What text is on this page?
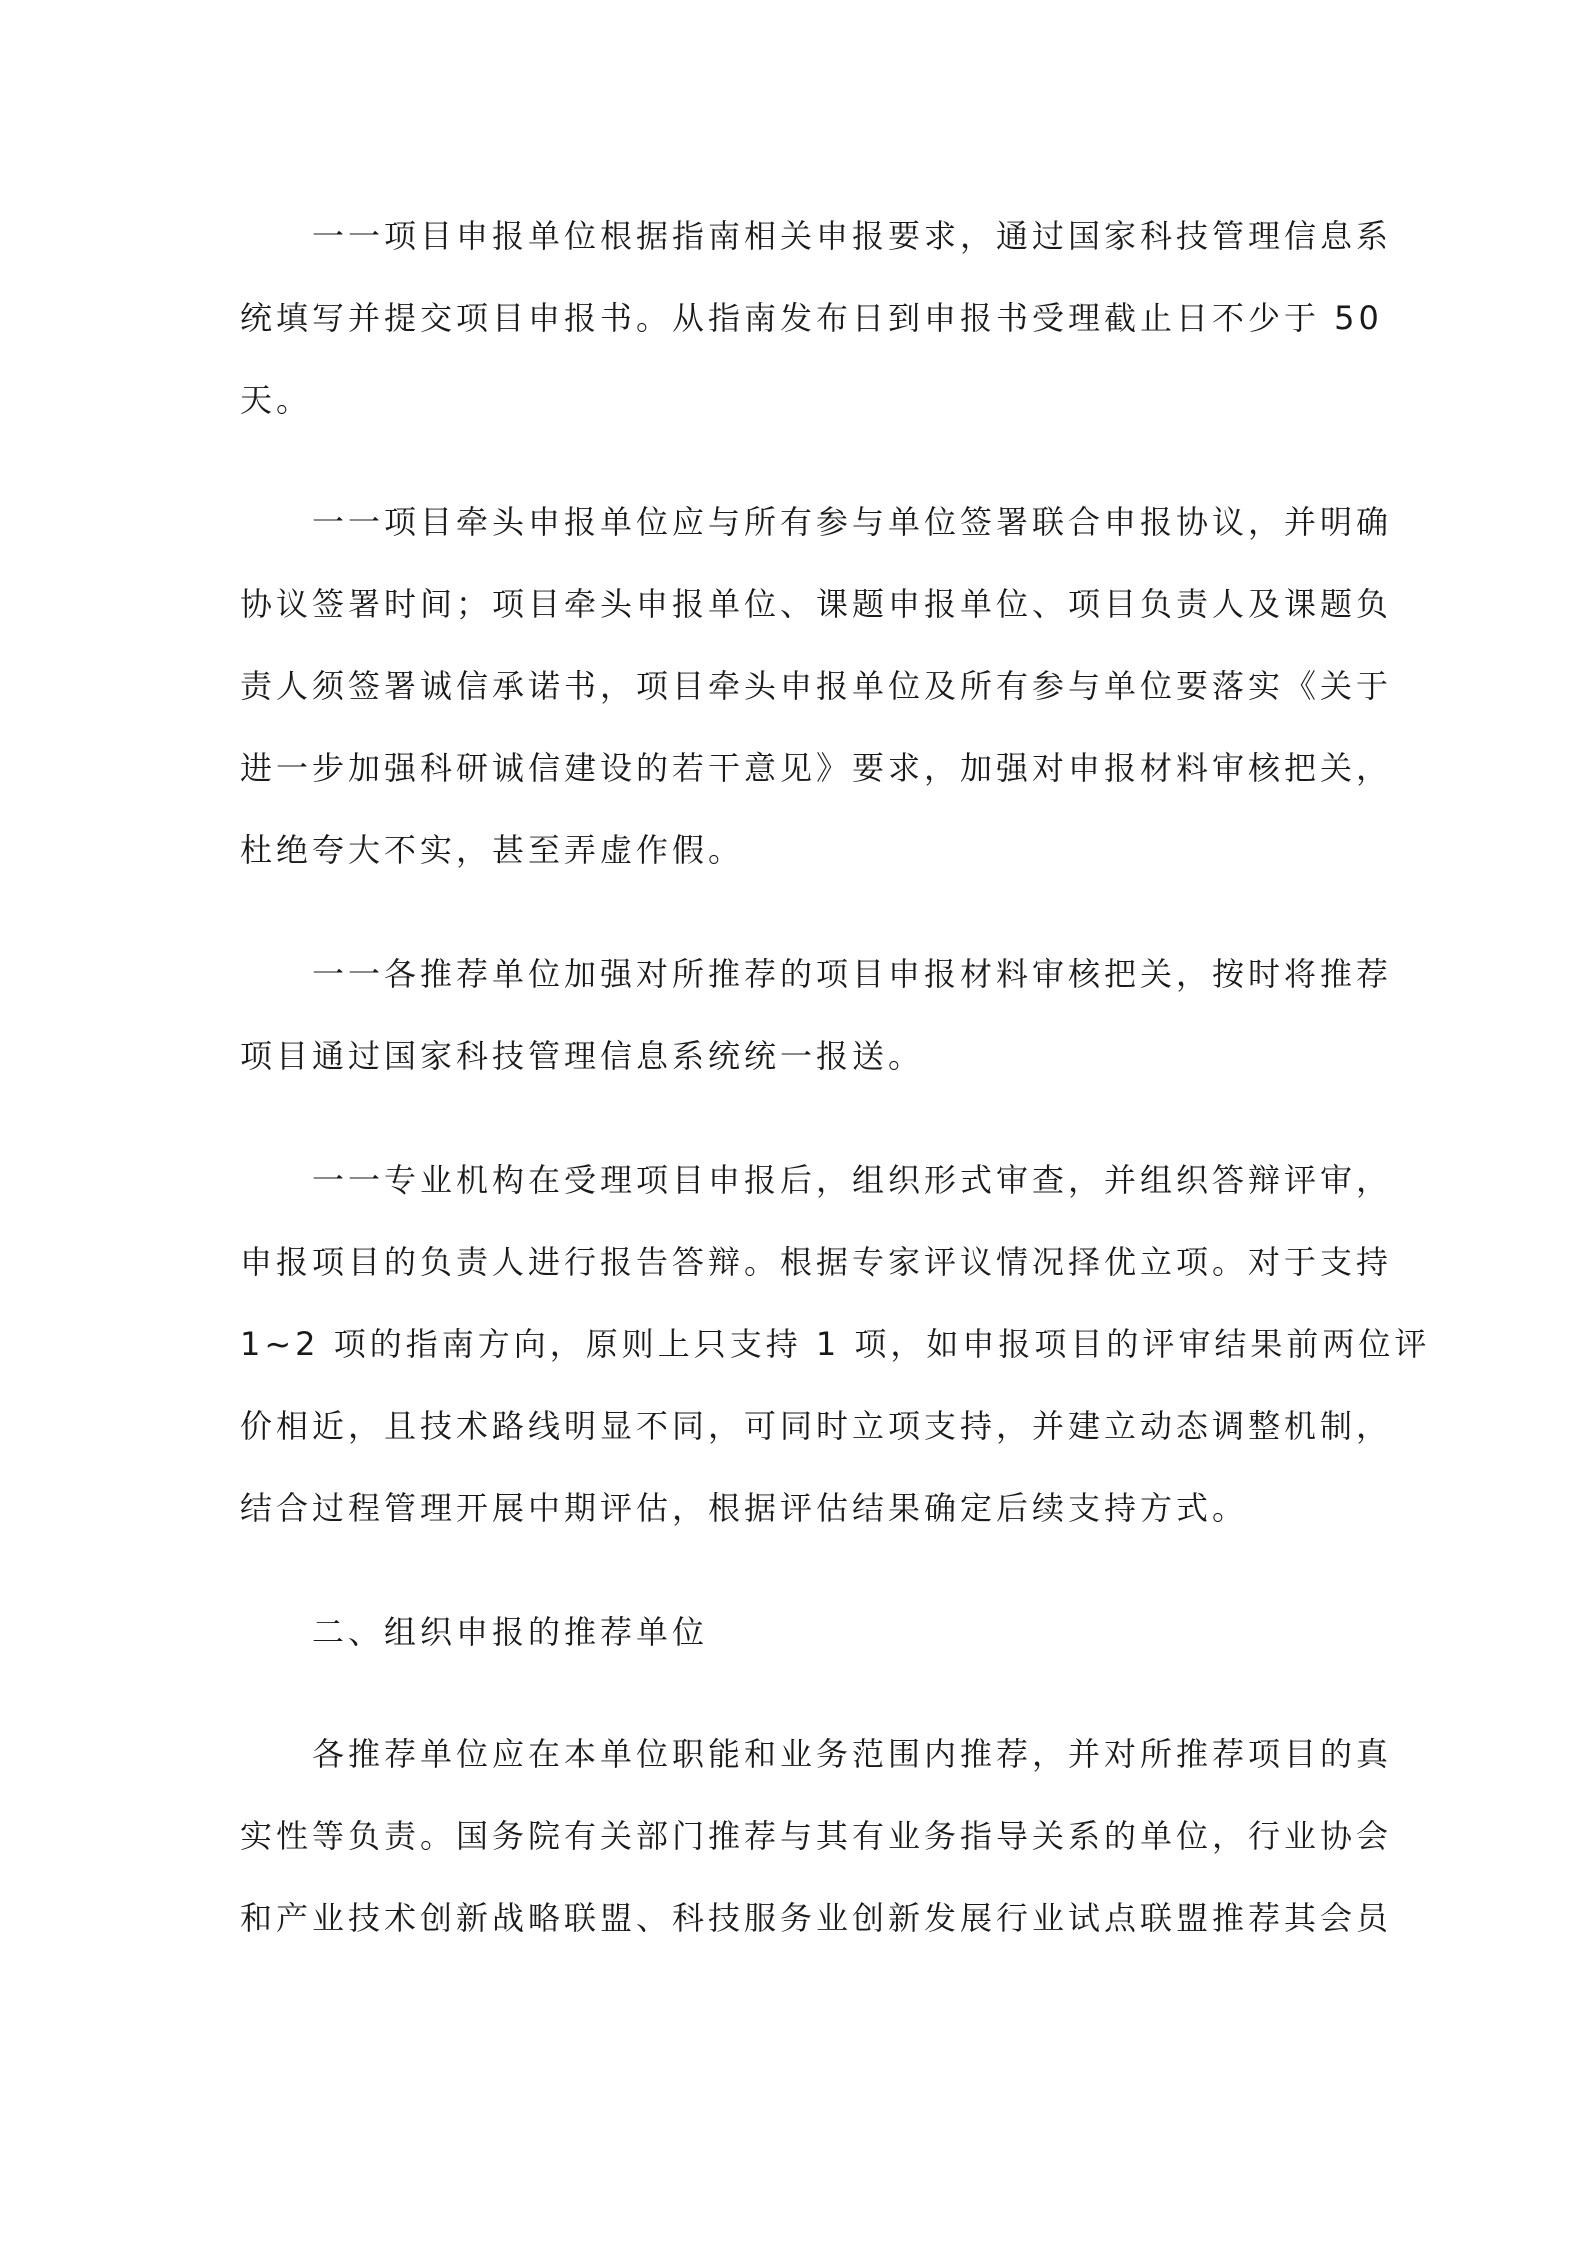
一一项目申报单位根据指南相关申报要求，通过国家科技管理信息系
统填写并提交项目申报书。从指南发布日到申报书受理截止日不少于 50
天。

一一项目牵头申报单位应与所有参与单位签署联合申报协议，并明确
协议签署时间；项目牵头申报单位、课题申报单位、项目负责人及课题负
责人须签署诚信承诺书，项目牵头申报单位及所有参与单位要落实《关于
进一步加强科研诚信建设的若干意见》要求，加强对申报材料审核把关，
杜绝夸大不实，甚至弄虚作假。

一一各推荐单位加强对所推荐的项目申报材料审核把关，按时将推荐
项目通过国家科技管理信息系统统一报送。

一一专业机构在受理项目申报后，组织形式审查，并组织答辩评审，
申报项目的负责人进行报告答辩。根据专家评议情况择优立项。对于支持
1~2 项的指南方向，原则上只支持 1 项，如申报项目的评审结果前两位评
价相近，且技术路线明显不同，可同时立项支持，并建立动态调整机制，
结合过程管理开展中期评估，根据评估结果确定后续支持方式。

二、组织申报的推荐单位

各推荐单位应在本单位职能和业务范围内推荐，并对所推荐项目的真
实性等负责。国务院有关部门推荐与其有业务指导关系的单位，行业协会
和产业技术创新战略联盟、科技服务业创新发展行业试点联盟推荐其会员
